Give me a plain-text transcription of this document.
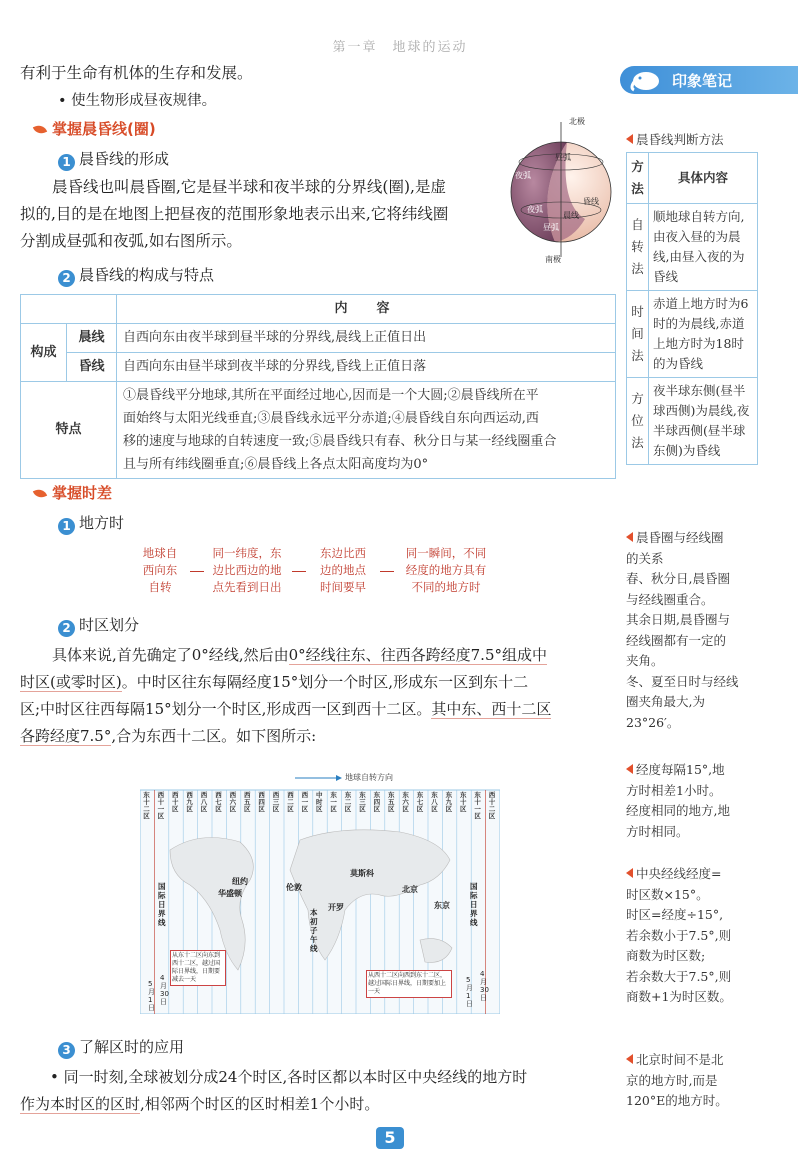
第一章　地球的运动
有利于生命有机体的生存和发展。
• 使生物形成昼夜规律。
掌握晨昏线(圈)
1 晨昏线的形成
晨昏线也叫晨昏圈,它是昼半球和夜半球的分界线(圈),是虚
拟的,目的是在地图上把昼夜的范围形象地表示出来,它将纬线圈
分割成昼弧和夜弧,如右图所示。
北极
南极
昼弧
夜弧
昏线
夜弧
晨线
昼弧
2 晨昏线的构成与特点
		内　容
构成	晨线	自西向东由夜半球到昼半球的分界线,晨线上正值日出
	昏线	自西向东由昼半球到夜半球的分界线,昏线上正值日落
特点		①晨昏线平分地球,其所在平面经过地心,因而是一个大圆;②晨昏线所在平
面始终与太阳光线垂直;③晨昏线永远平分赤道;④晨昏线自东向西运动,西
移的速度与地球的自转速度一致;⑤晨昏线只有春、秋分日与某一经线圈重合
且与所有纬线圈垂直;⑥晨昏线上各点太阳高度均为0°
掌握时差
1 地方时
地球自
西向东
自转
同一纬度，东
边比西边的地
点先看到日出
东边比西
边的地点
时间要早
同一瞬间，不同
经度的地方具有
不同的地方时
2 时区划分
具体来说,首先确定了0°经线,然后由0°经线往东、往西各跨经度7.5°组成中
时区(或零时区)。中时区往东每隔经度15°划分一个时区,形成东一区到东十二
区;中时区往西每隔15°划分一个时区,形成西一区到西十二区。其中东、西十二区
各跨经度7.5°,合为东西十二区。如下图所示:
地球自转方向
东十二区
西十一区
西十区
西九区
西八区
西七区
西六区
西五区
西四区
西三区
西二区
西一区
中时区
东一区
东二区
东三区
东四区
东五区
东六区
东七区
东八区
东九区
东十区
东十一区
西十二区
华盛顿
纽约
伦敦
莫斯科
开罗
北京
东京
国际日界线
国际日界线
本初子午线
从东十二区向东到西十二区，越过国际日界线，日期要减去一天
从西十二区向西到东十二区，越过国际日界线，日期要加上一天
5月1日
4月30日
5月1日
4月30日
3 了解区时的应用
• 同一时刻,全球被划分成24个时区,各时区都以本时区中央经线的地方时
作为本时区的区时,相邻两个时区的区时相差1个小时。
5
印象笔记
晨昏线判断方法
方法	具体内容
自转法	顺地球自转方向,由夜入昼的为晨线,由昼入夜的为昏线
时间法	赤道上地方时为6时的为晨线,赤道上地方时为18时的为昏线
方位法	夜半球东侧(昼半球西侧)为晨线,夜半球西侧(昼半球东侧)为昏线
晨昏圈与经线圈
的关系
春、秋分日,晨昏圈
与经线圈重合。
其余日期,晨昏圈与
经线圈都有一定的
夹角。
冬、夏至日时与经线
圈夹角最大,为
23°26′。
经度每隔15°,地
方时相差1小时。
经度相同的地方,地
方时相同。
中央经线经度=
时区数×15°。
时区=经度÷15°,
若余数小于7.5°,则
商数为时区数;
若余数大于7.5°,则
商数+1为时区数。
北京时间不是北
京的地方时,而是
120°E的地方时。
